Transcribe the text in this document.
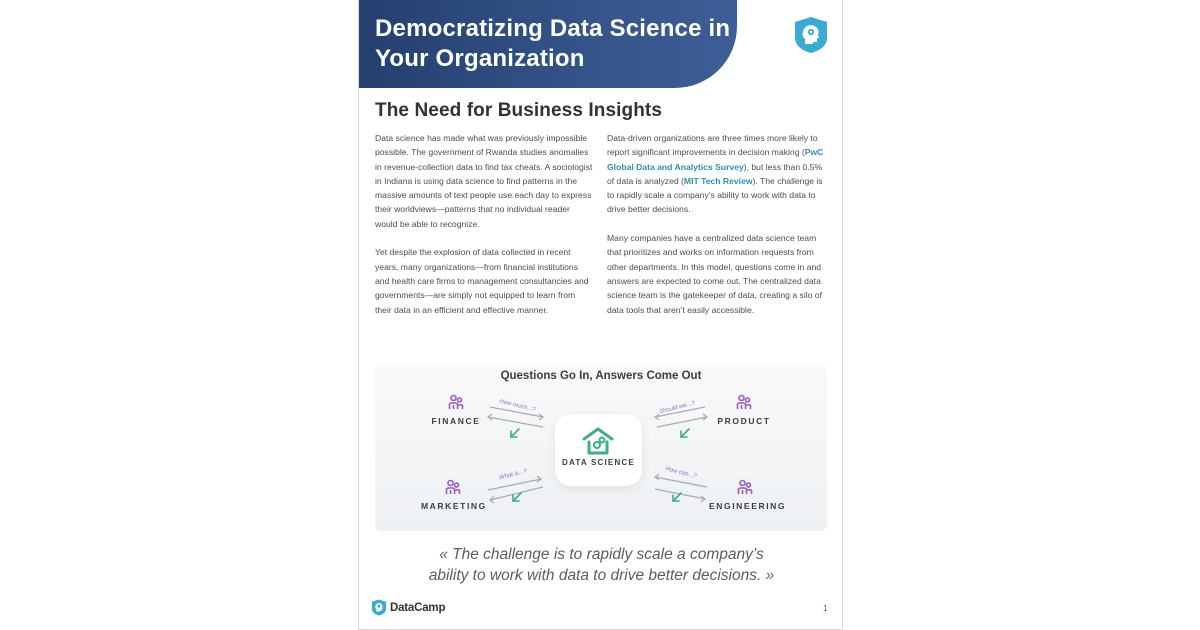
Democratizing Data Science in Your Organization
The Need for Business Insights

Data science has made what was previously impossible possible. The government of Rwanda studies anomalies in revenue-collection data to find tax cheats. A sociologist in Indiana is using data science to find patterns in the massive amounts of text people use each day to express their worldviews—patterns that no individual reader would be able to recognize.

Yet despite the explosion of data collected in recent years, many organizations—from financial institutions and health care firms to management consultancies and governments—are simply not equipped to learn from their data in an efficient and effective manner.

Data-driven organizations are three times more likely to report significant improvements in decision making (PwC Global Data and Analytics Survey), but less than 0.5% of data is analyzed (MIT Tech Review). The challenge is to rapidly scale a company’s ability to work with data to drive better decisions.

Many companies have a centralized data science team that prioritizes and works on information requests from other departments. In this model, questions come in and answers are expected to come out. The centralized data science team is the gatekeeper of data, creating a silo of data tools that aren’t easily accessible.

Questions Go In, Answers Come Out
How much...?	Should we...?
What is...?	How can...?
FINANCE	PRODUCT
MARKETING	ENGINEERING
DATA SCIENCE
« The challenge is to rapidly scale a company’s ability to work with data to drive better decisions. »
DataCamp	1
